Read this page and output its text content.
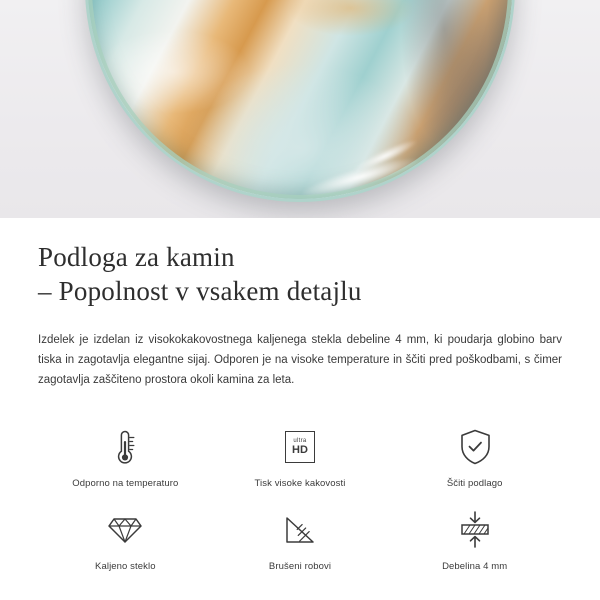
Podloga za kamin
– Popolnost v vsakem detajlu

Izdelek je izdelan iz visokokakovostnega kaljenega stekla debeline 4 mm, ki poudarja globino barv tiska in zagotavlja elegantne sijaj. Odporen je na visoke temperature in ščiti pred poškodbami, s čimer zagotavlja zaščiteno prostora okoli kamina za leta.

Odporno na temperaturo
ultra
HD
Tisk visoke kakovosti	Ščiti podlago
Kaljeno steklo	Brušeni robovi	Debelina 4 mm
